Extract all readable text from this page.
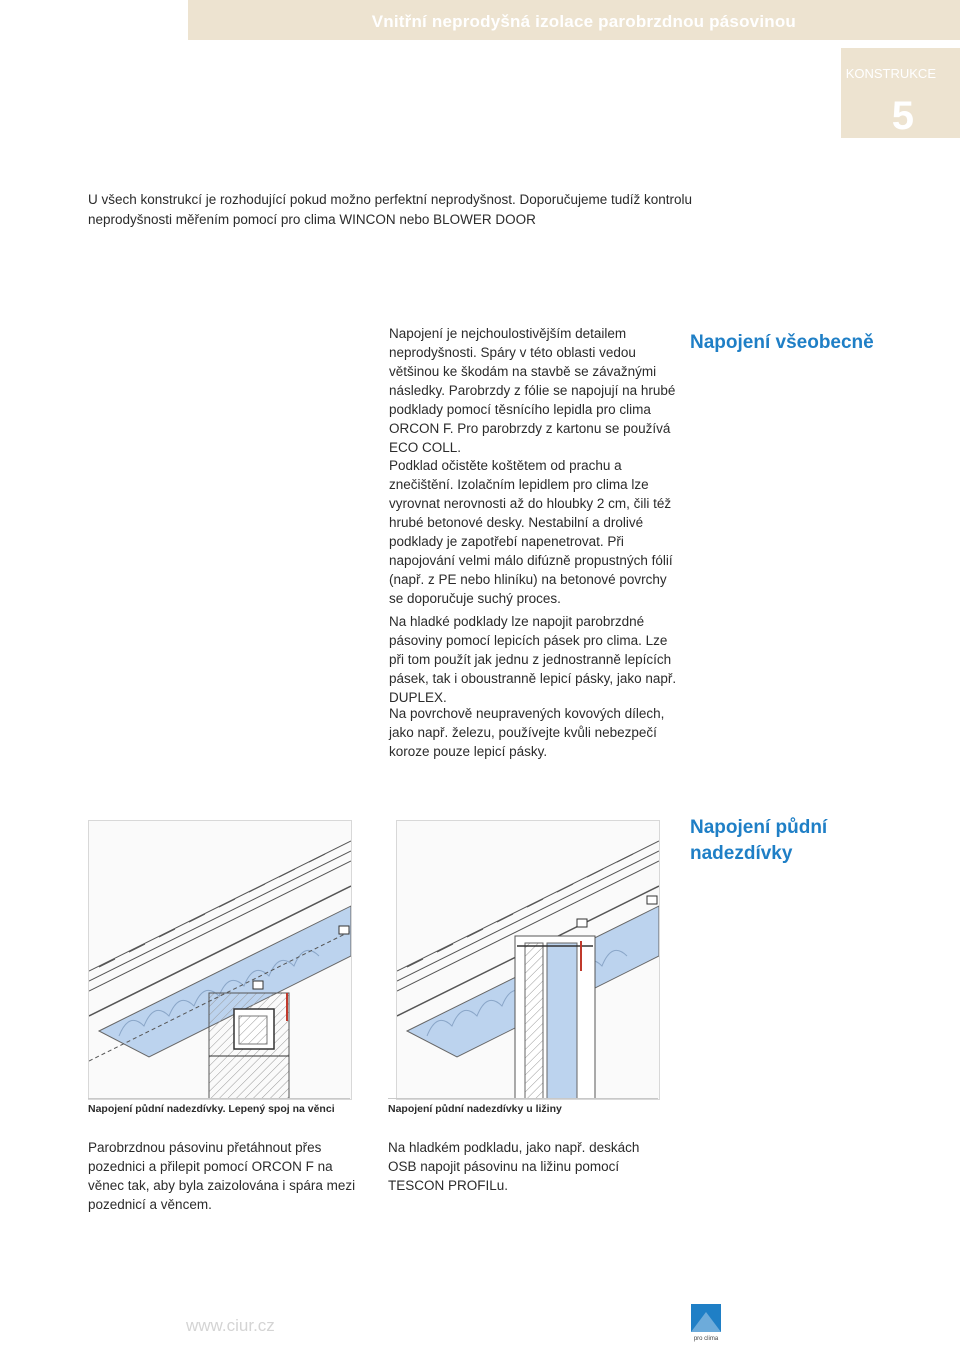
Vnitřní neprodyšná izolace parobrzdnou pásovinou
KONSTRUKCE
5
U všech konstrukcí je rozhodující pokud možno perfektní neprodyšnost. Doporučujeme tudíž kontrolu neprodyšnosti měřením pomocí pro clima WINCON nebo BLOWER DOOR
Napojení všeobecně
Napojení je nejchoulostivějším detailem neprodyšnosti. Spáry v této oblasti vedou většinou ke škodám na stavbě se závažnými následky. Parobrzdy z fólie se napojují na hrubé podklady pomocí těsnícího lepidla pro clima ORCON F. Pro parobrzdy z kartonu se používá ECO COLL.
Podklad očistěte koštětem od prachu a znečištění. Izolačním lepidlem pro clima lze vyrovnat nerovnosti až do hloubky 2 cm, čili též hrubé betonové desky. Nestabilní a drolivé podklady je zapotřebí napenetrovat. Při napojování velmi málo difúzně propustných fólií (např. z PE nebo hliníku) na betonové povrchy se doporučuje suchý proces.
Na hladké podklady lze napojit parobrzdné pásoviny pomocí lepicích pásek pro clima. Lze při tom použít jak jednu z jednostranně lepících pásek, tak i oboustranně lepicí pásky, jako např. DUPLEX.
Na povrchově neupravených kovových dílech, jako např. železu, používejte kvůli nebezpečí koroze pouze lepicí pásky.
Napojení půdní
nadezdívky
Napojení půdní nadezdívky. Lepený spoj na věnci
Parobrzdnou pásovinu přetáhnout přes pozednici a přilepit pomocí ORCON F na věnec tak, aby byla zaizolována i spára mezi pozednicí a věncem.
Napojení půdní nadezdívky u ližiny
Na hladkém podkladu, jako např. deskách OSB napojit pásovinu na ližinu pomocí TESCON PROFILu.
www.ciur.cz
pro clima
